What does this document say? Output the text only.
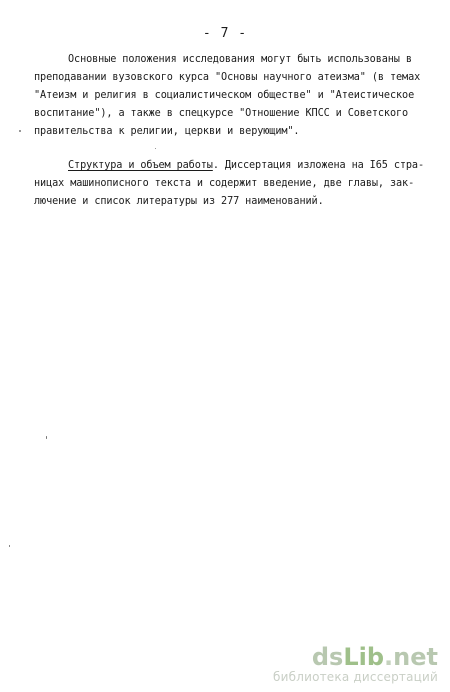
- 7 -
Основные положения исследования могут быть использованы в
преподавании вузовского курса "Основы научного атеизма" (в темах
"Атеизм и религия в социалистическом обществе" и "Атеистическое
воспитание"), а также в спецкурсе "Отношение КПСС и Советского
правительства к религии, церкви и верующим".
Структура и объем работы. Диссертация изложена на I65 стра-
ницах машинописного текста и содержит введение, две главы, зак-
лючение и список литературы из 277 наименований.
dsLib.net
библиотека диссертаций
